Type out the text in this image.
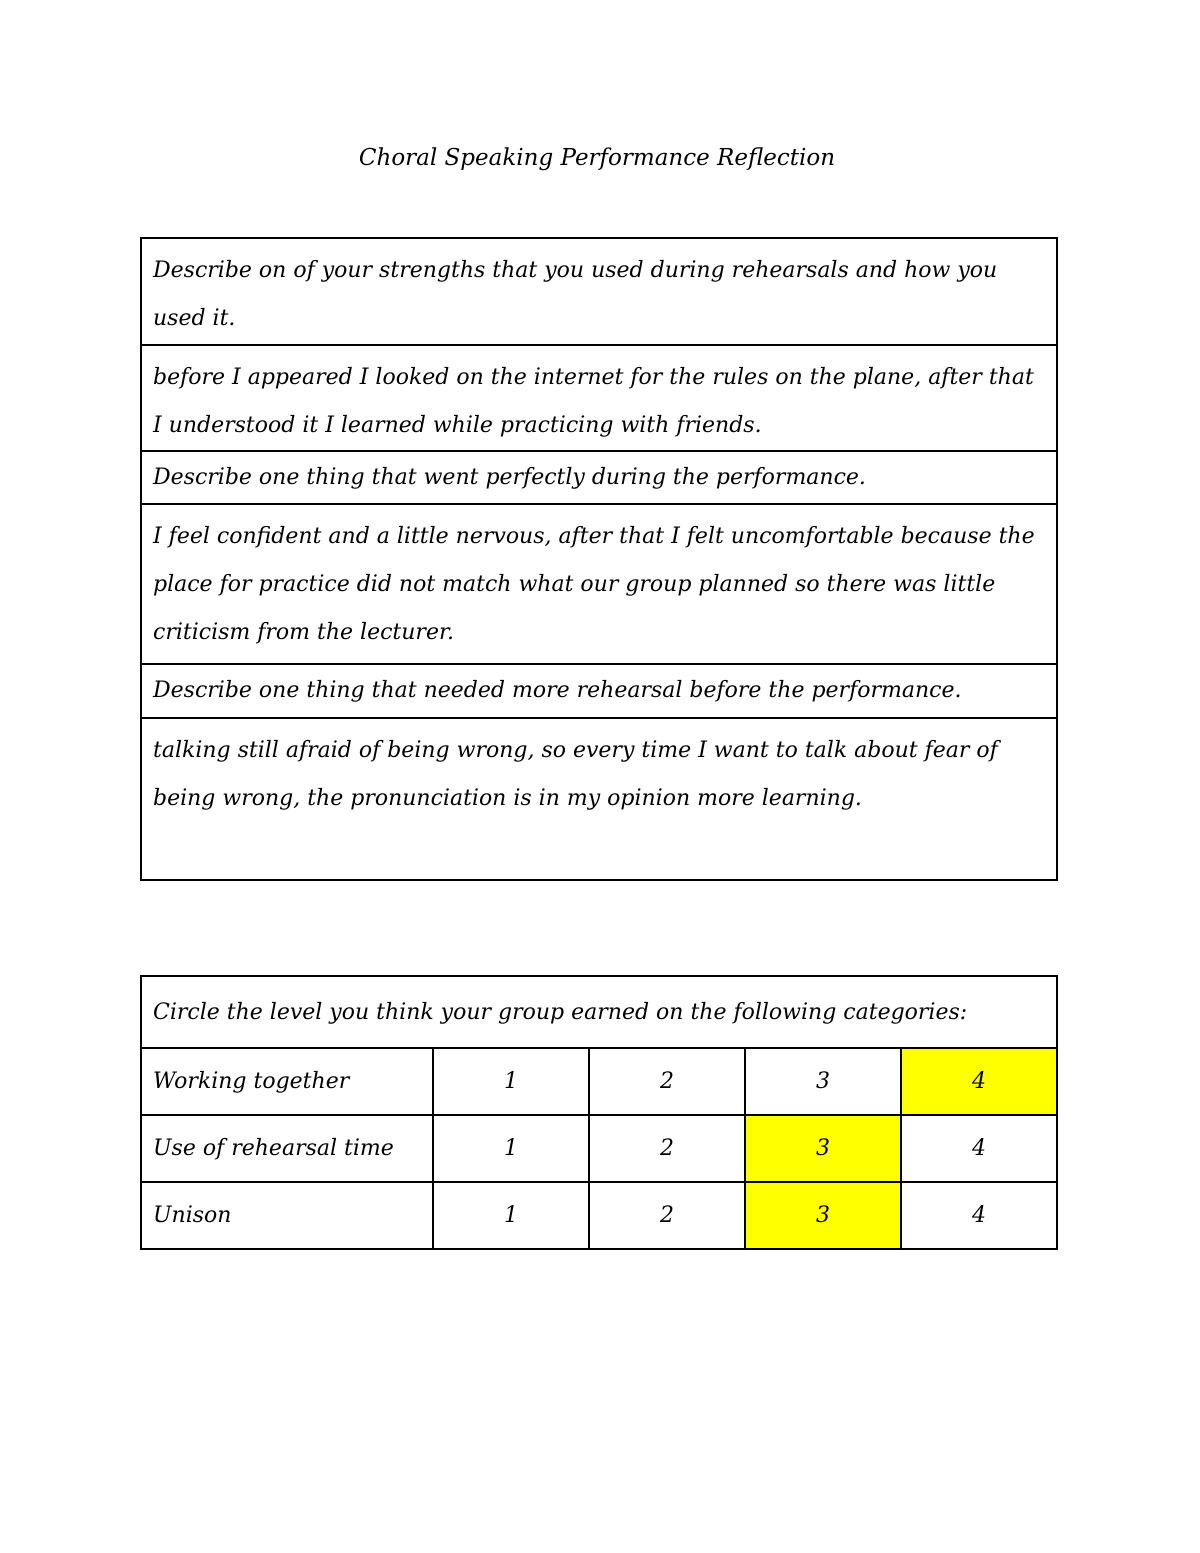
Choral Speaking Performance Reflection
Describe on of your strengths that you used during rehearsals and how you used it.
before I appeared I looked on the internet for the rules on the plane, after that I understood it I learned while practicing with friends.
Describe one thing that went perfectly during the performance.
I feel confident and a little nervous, after that I felt uncomfortable because the place for practice did not match what our group planned so there was little criticism from the lecturer.
Describe one thing that needed more rehearsal before the performance.
talking still afraid of being wrong, so every time I want to talk about fear of being wrong, the pronunciation is in my opinion more learning.
Circle the level you think your group earned on the following categories:				
Working together	1	2	3	4
Use of rehearsal time	1	2	3	4
Unison	1	2	3	4
